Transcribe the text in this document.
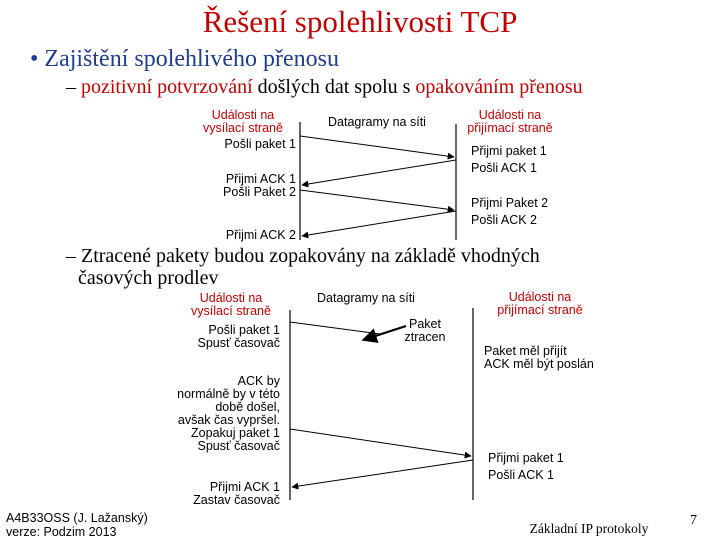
Řešení spolehlivosti TCP
• Zajištění spolehlivého přenosu
– pozitivní potvrzování došlých dat spolu s opakováním přenosu
Události na
vysílací straně	Datagramy na síti	Události na
přijímací straně
Pošli paket 1
Přijmi ACK 1
Pošli Paket 2
Přijmi ACK 2
Přijmi paket 1
Pošli ACK 1
Přijmi Paket 2
Pošli ACK 2
– Ztracené pakety budou zopakovány na základě vhodných
časových prodlev
Události na
vysílací straně
Datagramy na síti	Události na
přijímací straně
Paket
ztracen
Pošli paket 1
Spusť časovač
ACK by
normálně by v této
době došel,
avšak čas vypršel.
Zopakuj paket 1
Spusť časovač
Přijmi ACK 1
Zastav časovač
Paket měl přijít
ACK měl být poslán
Přijmi paket 1
Pošli ACK 1
A4B33OSS (J. Lažanský)
verze: Podzim 2013	Základní IP protokoly
7
